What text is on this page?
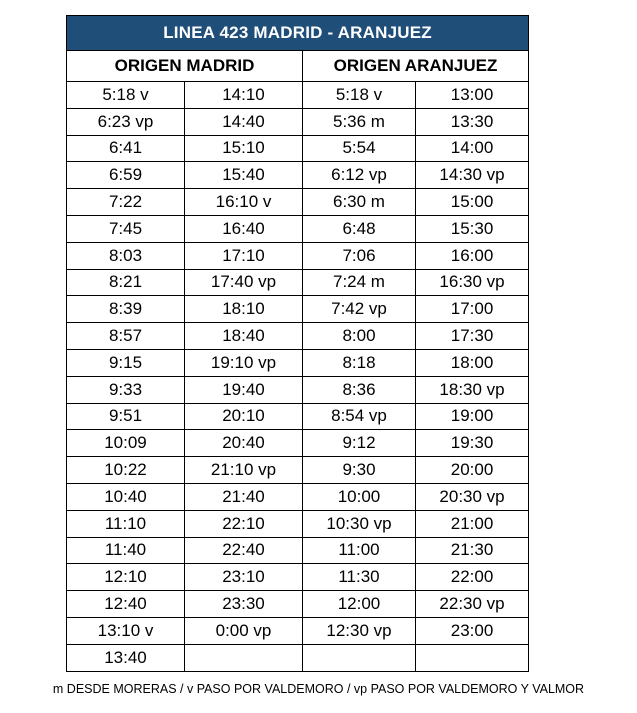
LINEA 423 MADRID - ARANJUEZ			
ORIGEN MADRID		ORIGEN ARANJUEZ	
5:18 v	14:10	5:18 v	13:00
6:23 vp	14:40	5:36 m	13:30
6:41	15:10	5:54	14:00
6:59	15:40	6:12 vp	14:30 vp
7:22	16:10 v	6:30 m	15:00
7:45	16:40	6:48	15:30
8:03	17:10	7:06	16:00
8:21	17:40 vp	7:24 m	16:30 vp
8:39	18:10	7:42 vp	17:00
8:57	18:40	8:00	17:30
9:15	19:10 vp	8:18	18:00
9:33	19:40	8:36	18:30 vp
9:51	20:10	8:54 vp	19:00
10:09	20:40	9:12	19:30
10:22	21:10 vp	9:30	20:00
10:40	21:40	10:00	20:30 vp
11:10	22:10	10:30 vp	21:00
11:40	22:40	11:00	21:30
12:10	23:10	11:30	22:00
12:40	23:30	12:00	22:30 vp
13:10 v	0:00 vp	12:30 vp	23:00
13:40			
m DESDE MORERAS / v PASO POR VALDEMORO / vp PASO POR VALDEMORO Y VALMOR
